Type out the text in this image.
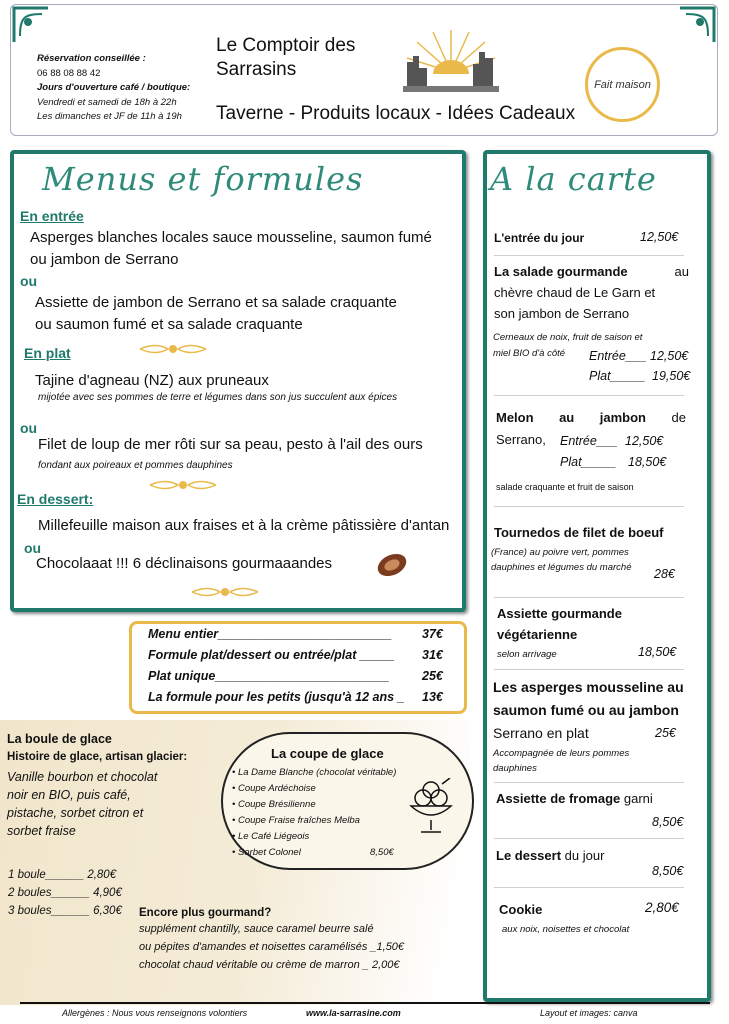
Réservation conseillée :
06 88 08 88 42
Jours d'ouverture café / boutique:
Vendredi et samedi de 18h à 22h
Les dimanches et JF de 11h à 19h
Le Comptoir des
Sarrasins
Taverne - Produits locaux - Idées Cadeaux
Fait maison
Menus et formules
En entrée
Asperges blanches locales sauce mousseline, saumon fumé
ou jambon de Serrano
ou
Assiette de jambon de Serrano et sa salade craquante
ou saumon fumé et sa salade craquante
En plat
Tajine d'agneau (NZ) aux pruneaux
mijotée avec ses pommes de terre et légumes dans son jus succulent aux épices
ou
Filet de loup de mer rôti sur sa peau, pesto à l'ail des ours
fondant aux poireaux et pommes dauphines
En dessert:
Millefeuille maison aux fraises et à la crème pâtissière d'antan
ou
Chocolaaat !!! 6 déclinaisons gourmaaandes
Menu entier_________________________ 37€
Formule plat/dessert ou entrée/plat _____ 31€
Plat unique_________________________	25€
La formule pour les petits (jusqu'à 12 ans _ 13€
A la carte
L'entrée du jour	12,50€
La salade gourmande	au
chèvre chaud de Le Garn et
son jambon de Serrano
Cerneaux de noix, fruit de saison et
miel BIO d'à côté Entrée___ 12,50€
Plat_____ 19,50€
Melon au jambon de
Serrano, Entrée___ 12,50€
Plat_____ 18,50€
salade craquante et fruit de saison
Tournedos de filet de boeuf
(France) au poivre vert, pommes
dauphines et légumes du marché 28€
Assiette gourmande
végétarienne
selon arrivage	18,50€
Les asperges mousseline au
saumon fumé ou au jambon
Serrano en plat	25€
Accompagnée de leurs pommes
dauphines
Assiette de fromage garni
8,50€
Le dessert du jour
8,50€
Cookie	2,80€
aux noix, noisettes et chocolat
La boule de glace
Histoire de glace, artisan glacier:
Vanille bourbon et chocolat
noir en BIO, puis café,
pistache, sorbet citron et
sorbet fraise
1 boule______ 2,80€
2 boules______ 4,90€
3 boules______ 6,30€
La coupe de glace
• La Dame Blanche (chocolat véritable)
• Coupe Ardéchoise
• Coupe Brésilienne
• Coupe Fraise fraîches Melba
• Le Café Liégeois
• Sorbet Colonel	8,50€
Encore plus gourmand?
supplément chantilly, sauce caramel beurre salé
ou pépites d'amandes et noisettes caramélisés _1,50€
chocolat chaud véritable ou crème de marron _ 2,00€
Allergènes : Nous vous renseignons volontiers	www.la-sarrasine.com	Layout et images: canva
